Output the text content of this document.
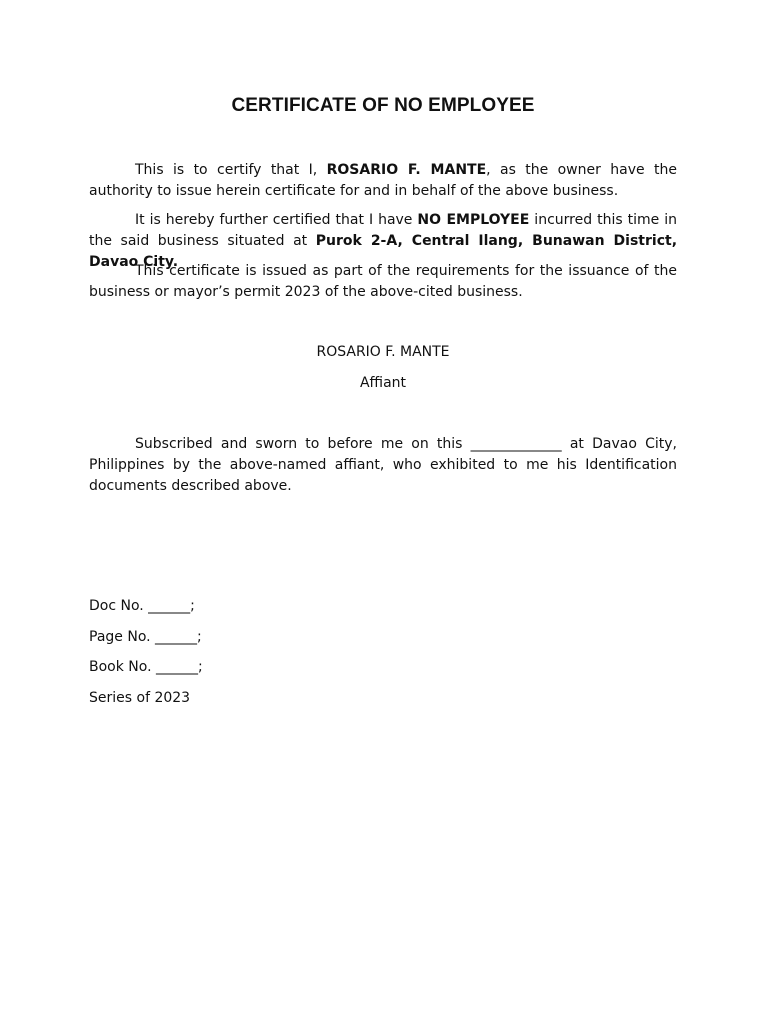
CERTIFICATE OF NO EMPLOYEE

This is to certify that I, ROSARIO F. MANTE, as the owner have the authority to issue herein certificate for and in behalf of the above business.

It is hereby further certified that I have NO EMPLOYEE incurred this time in the said business situated at Purok 2-A, Central Ilang, Bunawan District, Davao City.

This certificate is issued as part of the requirements for the issuance of the business or mayor’s permit 2023 of the above-cited business.

ROSARIO F. MANTE

Affiant

Subscribed and sworn to before me on this _____________ at Davao City, Philippines by the above-named affiant, who exhibited to me his Identification documents described above.

Doc No. ______;

Page No. ______;

Book No. ______;

Series of 2023
